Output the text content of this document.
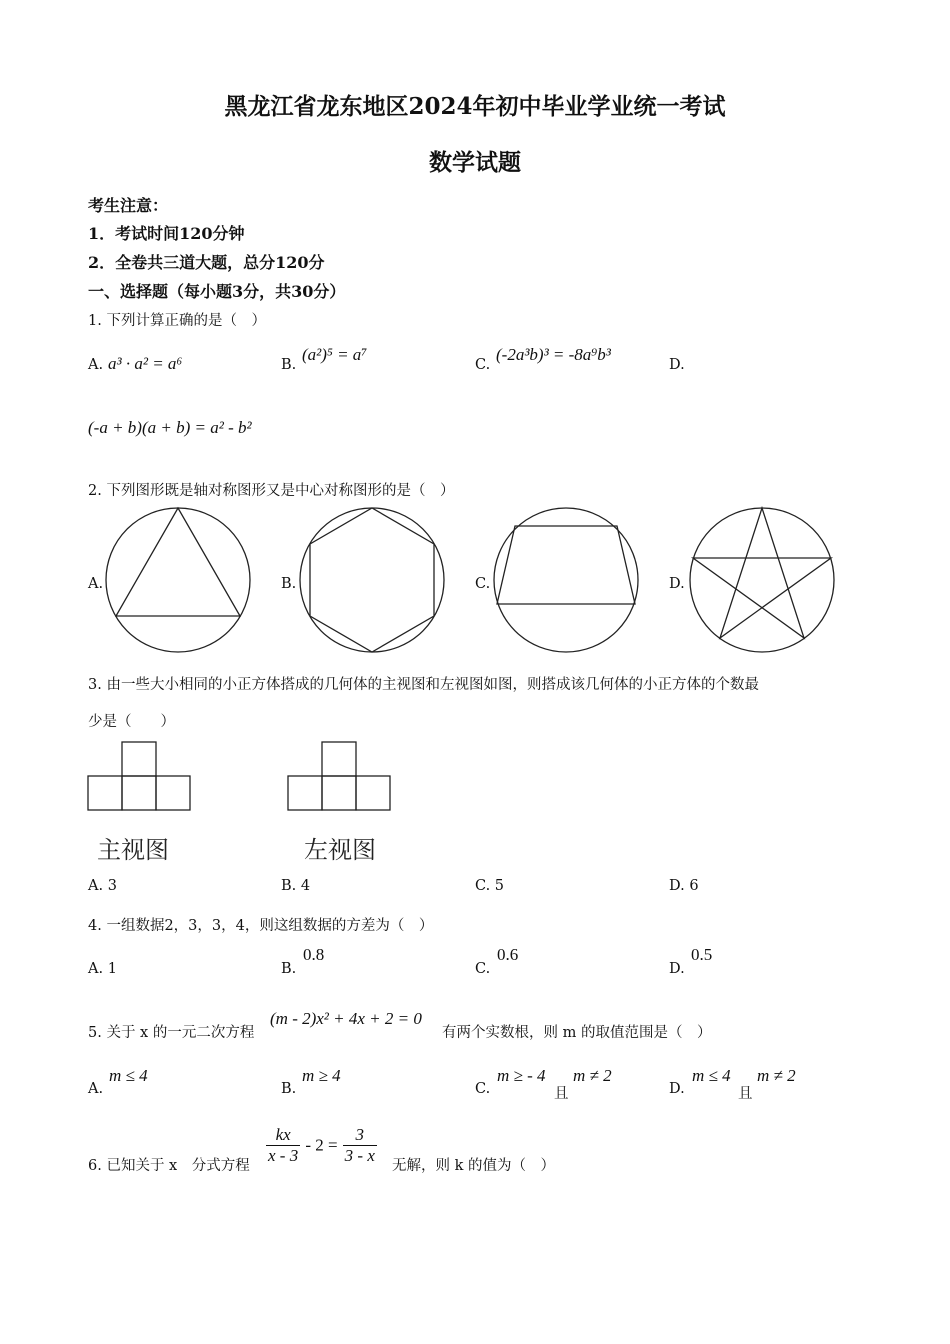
黑龙江省龙东地区2024年初中毕业学业统一考试
数学试题
考生注意：
1．考试时间120分钟
2．全卷共三道大题，总分120分
一、选择题（每小题3分，共30分）
1. 下列计算正确的是（　）
A. a³ · a² = a⁶	B.
(a²)⁵ = a⁷
C.
(-2a³b)³ = -8a⁹b³
D.
(-a + b)(a + b) = a² - b²
2. 下列图形既是轴对称图形又是中心对称图形的是（　）
A.	B.	C.	D.
3. 由一些大小相同的小正方体搭成的几何体的主视图和左视图如图，则搭成该几何体的小正方体的个数最
少是（　　）
主视图	左视图
A. 3	B. 4	C. 5	D. 6
4. 一组数据2，3，3，4，则这组数据的方差为（　）
A. 1	B.
0.8
C.
0.6
D.
0.5
5. 关于 x 的一元二次方程
(m - 2)x² + 4x + 2 = 0
有两个实数根，则 m 的取值范围是（　）
A.
m ≤ 4
B.
m ≥ 4
C.
m ≥ - 4
且
m ≠ 2
D.
m ≤ 4
且
m ≠ 2
6. 已知关于 x　分式方程 $\frac{kx}{x - 3} - 2 = \frac{3}{3 - x}$ 无解，则 k 的值为（　）
